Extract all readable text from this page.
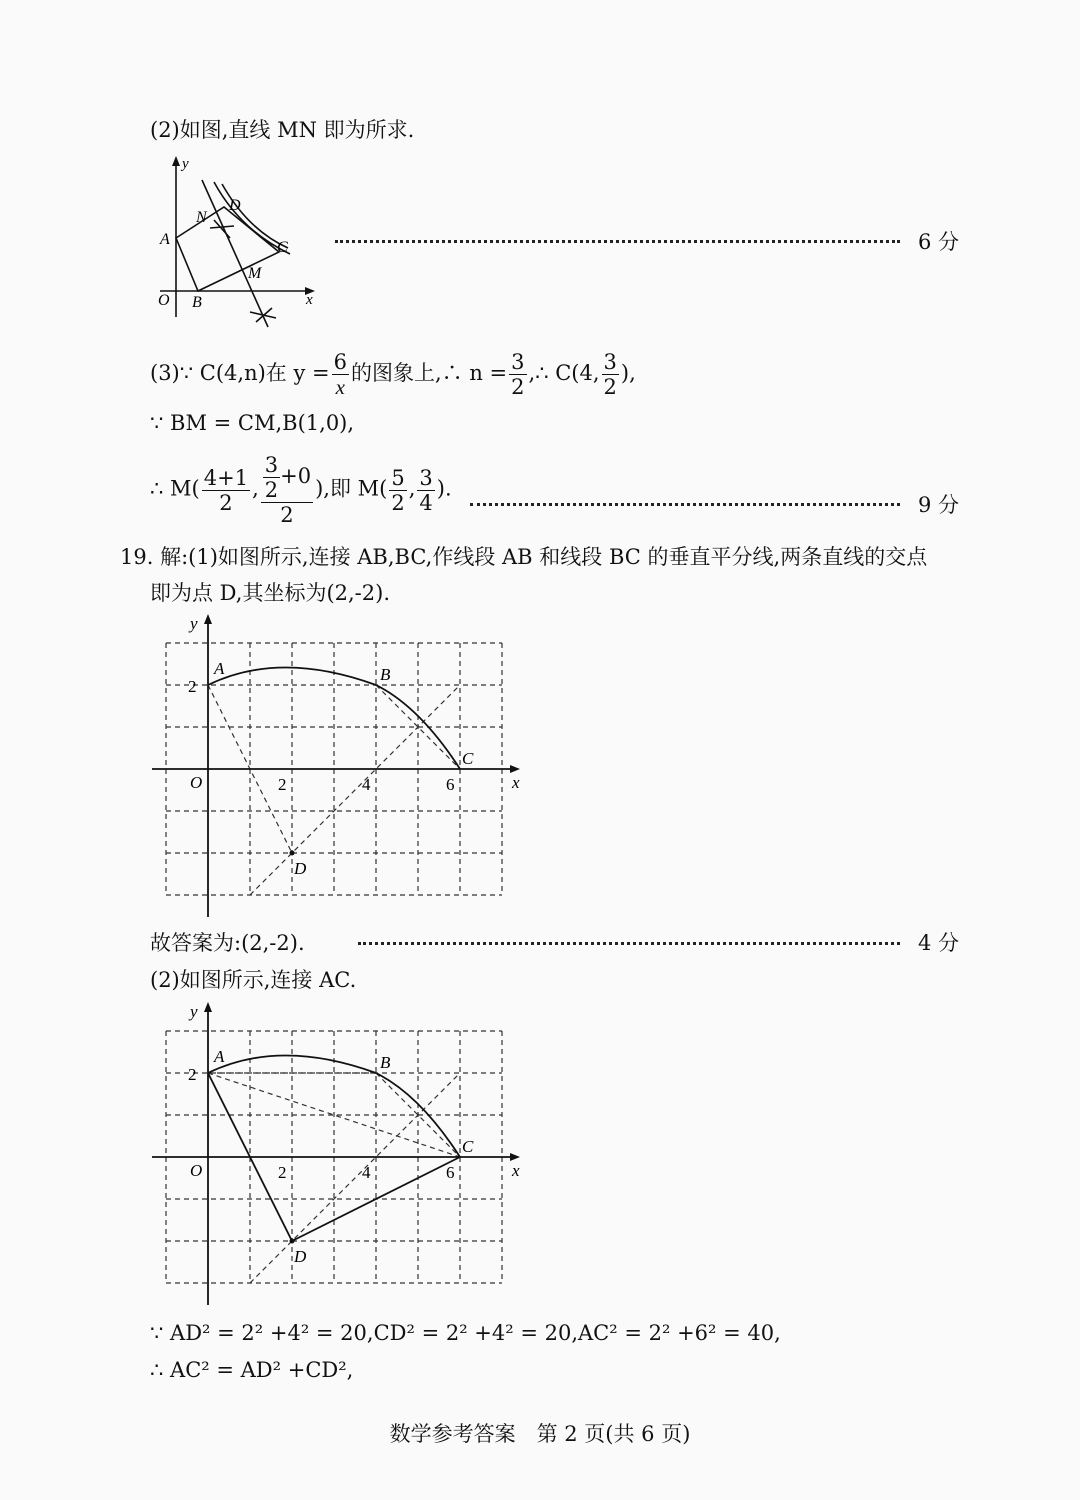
(2)如图,直线 MN 即为所求.
y
x
O B
A
N
D
C
M
6 分
(3)∵ C(4,n)在 $y = \frac{6}{x}$ 的图象上,∴ $n = \frac{3}{2}$ ,∴ C(4, $\frac{3}{2}$ ),
∵ BM = CM,B(1,0),
∴ $M( \frac{4+1}{2}$ , $\frac{\frac{3}{2} +0}{2}$ ),即 $M( \frac{5}{2}$ , $\frac{3}{4}$ ).
9 分
19. 解:(1)如图所示,连接 AB,BC,作线段 AB 和线段 BC 的垂直平分线,两条直线的交点
即为点 D,其坐标为(2,-2).
y
x
O	2	4	6
2
A	B
C
D
故答案为:(2,-2).	4 分
(2)如图所示,连接 AC.
y
x
O	2	4	6
2
A	B
C
D
∵ AD² = 2² +4² = 20,CD² = 2² +4² = 20,AC² = 2² +6² = 40,
∴ AC² = AD² +CD²,
数学参考答案　第 2 页(共 6 页)
